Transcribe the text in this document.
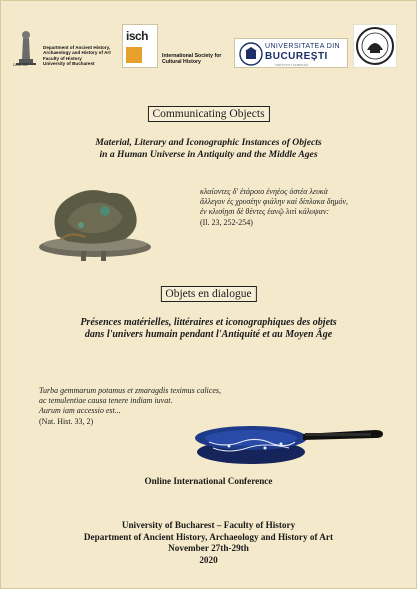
DAIA-UA
Department of Ancient History, Archaeology and History of Art
Faculty of History
University of Bucharest
isch
International Society for Cultural History
UNIVERSITATEA DIN
BUCUREȘTI
VIRTUTE ET SAPIENTIA
Communicating Objects
Material, Literary and Iconographic Instances of Objects
in a Human Universe in Antiquity and the Middle Ages
κλαίοντες δ' ἑτάροιο ἐνηέος ὀστέα λευκὰ
ἄλλεγον ἐς χρυσέην φιάλην καὶ δίπλακα δημόν,
ἐν κλισίῃσι δὲ θέντες ἑανῷ λιτὶ κάλυψαν:
(Il. 23, 252-254)
Objets en dialogue
Présences matérielles, littéraires et iconographiques des objets
dans l'univers humain pendant l'Antiquité et au Moyen Âge
Turba gemmarum potamus et zmaragdis teximus calices,
ac temulentiae causa tenere indiam iuvat.
Aurum iam accessio est...
(Nat. Hist. 33, 2)
Online International Conference
University of Bucharest – Faculty of History
Department of Ancient History, Archaeology and History of Art
November 27th-29th
2020
